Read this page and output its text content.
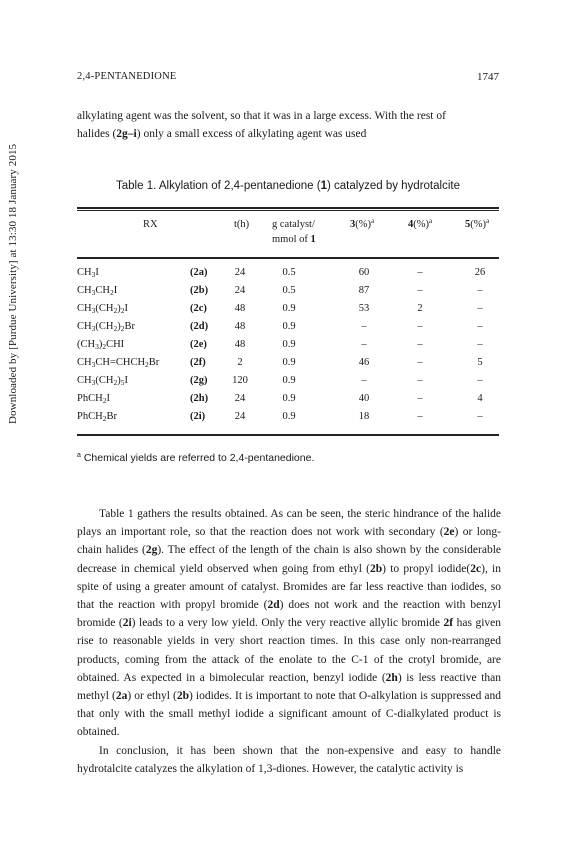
Downloaded by [Purdue University] at 13:30 18 January 2015
2,4-PENTANEDIONE	1747
alkylating agent was the solvent, so that it was in a large excess. With the rest of
halides (2g–i) only a small excess of alkylating agent was used
Table 1. Alkylation of 2,4-pentanedione (1) catalyzed by hydrotalcite
RX	t(h) g catalyst/
mmol of 1
3(%)$^a$	4(%)$^a$	5(%)$^a$
$CH_3I$	(2a)	24	0.5	60	–	26
$CH_3CH_2I$	(2b)	24	0.5	87	–	–
$CH_3(CH_2)_2I$	(2c)	48	0.9	53	2	–
$CH_3(CH_2)_2Br$	(2d)	48	0.9	–	–	–
$(CH_3)_2CHI$	(2e)	48	0.9	–	–	–
$CH_3CH=CHCH_2Br$	(2f)	2	0.9	46	–	5
$CH_3(CH_2)_5I$	(2g)	120	0.9	–	–	–
PhCH$_2$I	(2h)	24	0.9	40	–	4
PhCH$_2$Br	(2i)	24	0.9	18	–	–
$^a$ Chemical yields are referred to 2,4-pentanedione.

Table 1 gathers the results obtained. As can be seen, the steric hindrance of the halide plays an important role, so that the reaction does not work with secondary (2e) or long-chain halides (2g). The effect of the length of the chain is also shown by the considerable decrease in chemical yield observed when going from ethyl (2b) to propyl iodide(2c), in spite of using a greater amount of catalyst. Bromides are far less reactive than iodides, so that the reaction with propyl bromide (2d) does not work and the reaction with benzyl bromide (2i) leads to a very low yield. Only the very reactive allylic bromide 2f has given rise to reasonable yields in very short reaction times. In this case only non-rearranged products, coming from the attack of the enolate to the C-1 of the crotyl bromide, are obtained. As expected in a bimolecular reaction, benzyl iodide (2h) is less reactive than methyl (2a) or ethyl (2b) iodides. It is important to note that O-alkylation is suppressed and that only with the small methyl iodide a significant amount of C-dialkylated product is obtained.

In conclusion, it has been shown that the non-expensive and easy to handle hydrotalcite catalyzes the alkylation of 1,3-diones. However, the catalytic activity is
